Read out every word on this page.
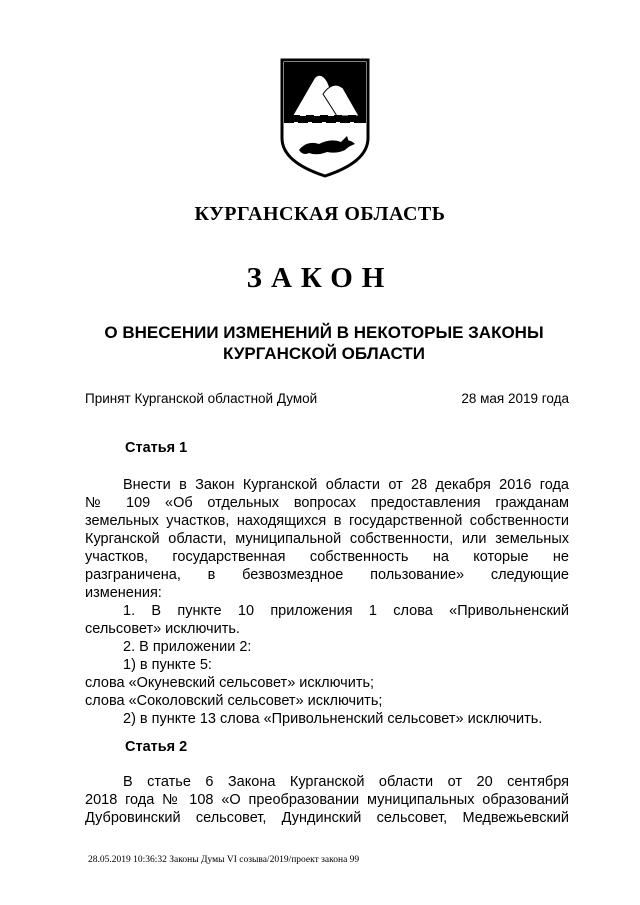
КУРГАНСКАЯ ОБЛАСТЬ
ЗАКОН
О ВНЕСЕНИИ ИЗМЕНЕНИЙ В НЕКОТОРЫЕ ЗАКОНЫ
КУРГАНСКОЙ ОБЛАСТИ
Принят Курганской областной Думой	28 мая 2019 года
Статья 1

Внести в Закон Курганской области от 28 декабря 2016 года

№ 109 «Об отдельных вопросах предоставления гражданам

земельных участков, находящихся в государственной собственности

Курганской области, муниципальной собственности, или земельных

участков, государственная собственность на которые не

разграничена, в безвозмездное пользование» следующие

изменения:

1. В пункте 10 приложения 1 слова «Привольненский

сельсовет» исключить.

2. В приложении 2:

1) в пункте 5:

слова «Окуневский сельсовет» исключить;

слова «Соколовский сельсовет» исключить;

2) в пункте 13 слова «Привольненский сельсовет» исключить.

Статья 2

В статье 6 Закона Курганской области от 20 сентября

2018 года № 108 «О преобразовании муниципальных образований

Дубровинский сельсовет, Дундинский сельсовет, Медвежьевский

28.05.2019 10:36:32 Законы Думы VI созыва/2019/проект закона 99
